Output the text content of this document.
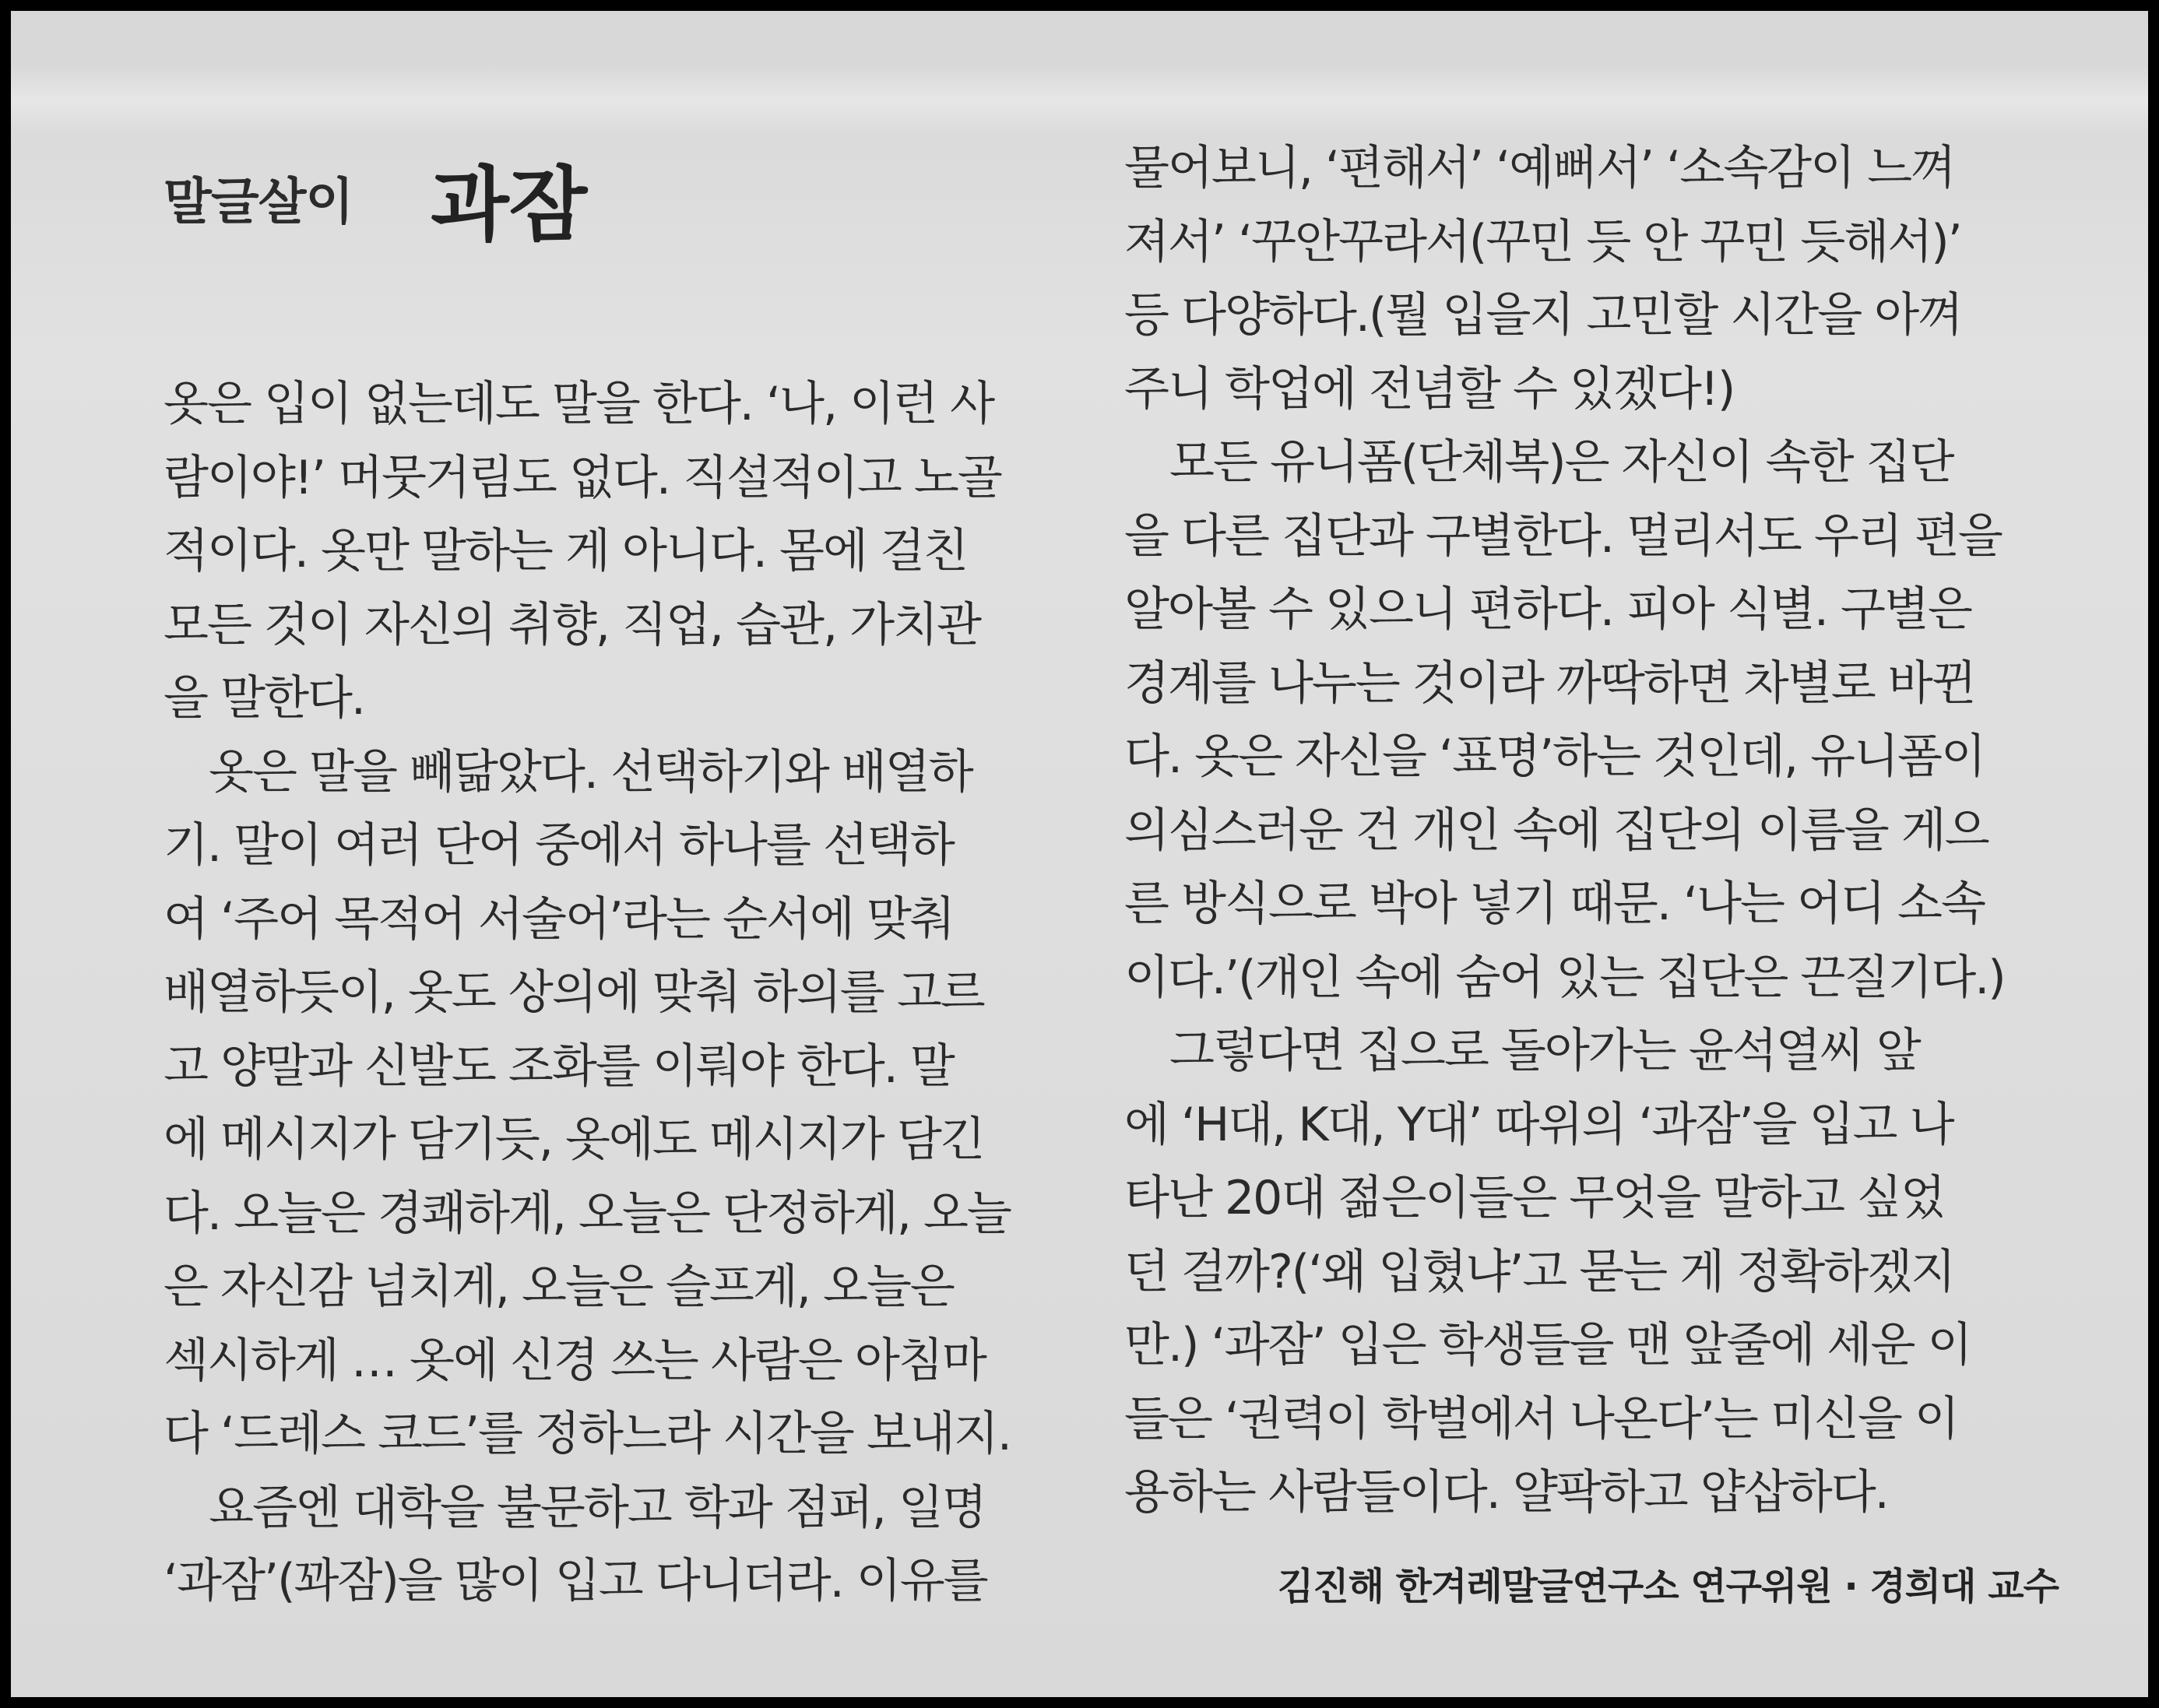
말글살이 과잠
옷은 입이 없는데도 말을 한다. ‘나, 이런 사
람이야!’ 머뭇거림도 없다. 직설적이고 노골
적이다. 옷만 말하는 게 아니다. 몸에 걸친
모든 것이 자신의 취향, 직업, 습관, 가치관
을 말한다.
　옷은 말을 빼닮았다. 선택하기와 배열하
기. 말이 여러 단어 중에서 하나를 선택하
여 ‘주어 목적어 서술어’라는 순서에 맞춰
배열하듯이, 옷도 상의에 맞춰 하의를 고르
고 양말과 신발도 조화를 이뤄야 한다. 말
에 메시지가 담기듯, 옷에도 메시지가 담긴
다. 오늘은 경쾌하게, 오늘은 단정하게, 오늘
은 자신감 넘치게, 오늘은 슬프게, 오늘은
섹시하게 … 옷에 신경 쓰는 사람은 아침마
다 ‘드레스 코드’를 정하느라 시간을 보내지.
　요즘엔 대학을 불문하고 학과 점퍼, 일명
‘과잠’(꽈잠)을 많이 입고 다니더라. 이유를
물어보니, ‘편해서’ ‘예뻐서’ ‘소속감이 느껴
져서’ ‘꾸안꾸라서(꾸민 듯 안 꾸민 듯해서)’
등 다양하다.(뭘 입을지 고민할 시간을 아껴
주니 학업에 전념할 수 있겠다!)
　모든 유니폼(단체복)은 자신이 속한 집단
을 다른 집단과 구별한다. 멀리서도 우리 편을
알아볼 수 있으니 편하다. 피아 식별. 구별은
경계를 나누는 것이라 까딱하면 차별로 바뀐
다. 옷은 자신을 ‘표명’하는 것인데, 유니폼이
의심스러운 건 개인 속에 집단의 이름을 게으
른 방식으로 박아 넣기 때문. ‘나는 어디 소속
이다.’(개인 속에 숨어 있는 집단은 끈질기다.)
　그렇다면 집으로 돌아가는 윤석열씨 앞
에 ‘H대, K대, Y대’ 따위의 ‘과잠’을 입고 나
타난 20대 젊은이들은 무엇을 말하고 싶었
던 걸까?(‘왜 입혔냐’고 묻는 게 정확하겠지
만.) ‘과잠’ 입은 학생들을 맨 앞줄에 세운 이
들은 ‘권력이 학벌에서 나온다’는 미신을 이
용하는 사람들이다. 얄팍하고 얍삽하다.
김진해 한겨레말글연구소 연구위원 · 경희대 교수
